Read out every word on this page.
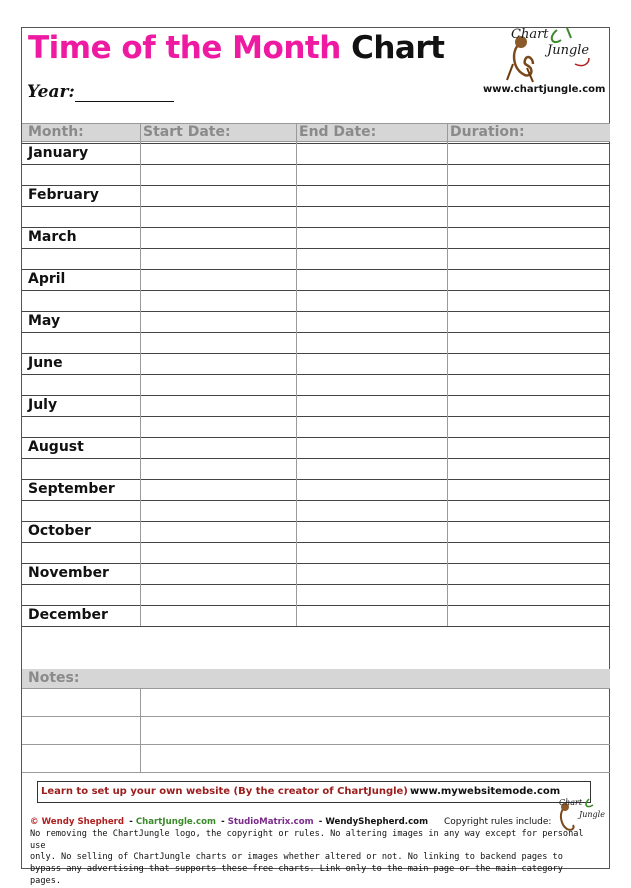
Time of the Month Chart
Year:
Chart
Jungle
www.chartjungle.com
Month:	Start Date:	End Date:	Duration:
January
February
March
April
May
June
July
August
September
October
November
December
Notes:
Learn to set up your own website (By the creator of ChartJungle) www.mywebsitemode.com
Chart
Jungle
© Wendy Shepherd - ChartJungle.com - StudioMatrix.com - WendyShepherd.com
No removing the ChartJungle logo, the copyright or rules. No altering images in any way except for personal use
only. No selling of ChartJungle charts or images whether altered or not. No linking to backend pages to
bypass any advertising that supports these free charts. Link only to the main page or the main category pages.
Copyright rules include:
